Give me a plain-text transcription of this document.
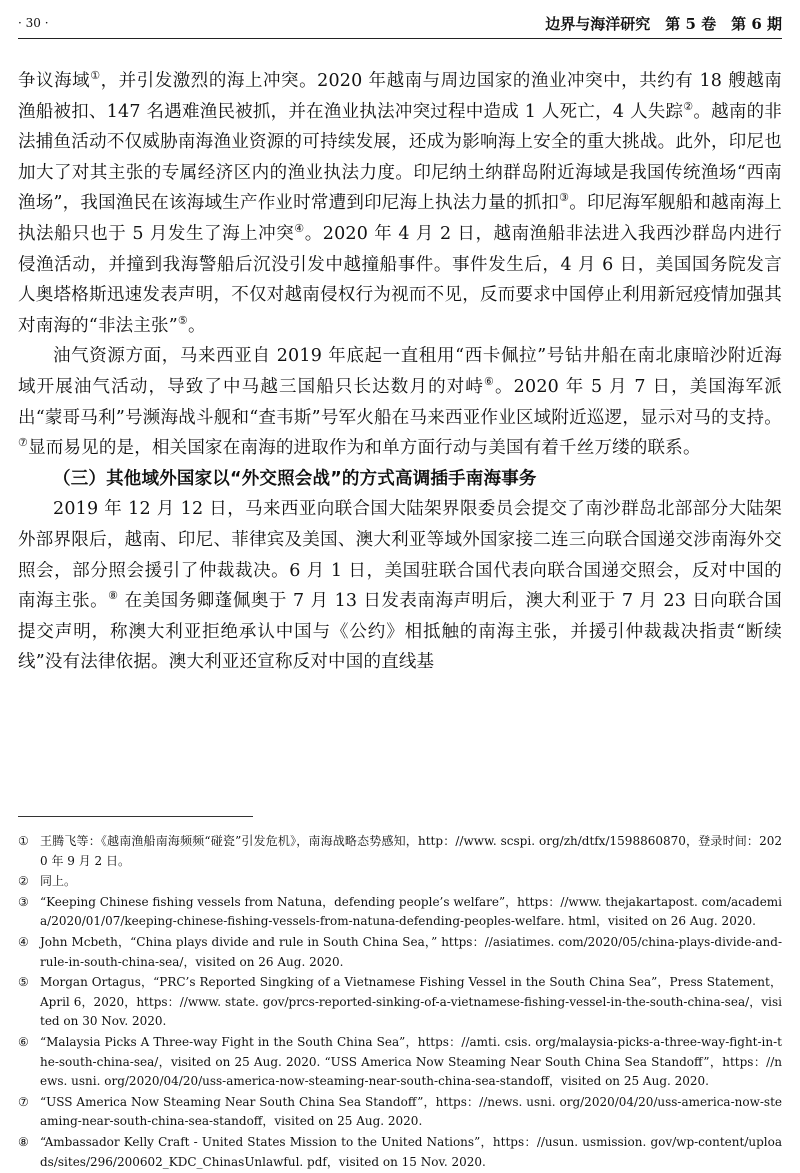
· 30 ·	边界与海洋研究　第 5 卷　第 6 期

争议海域①，并引发激烈的海上冲突。2020 年越南与周边国家的渔业冲突中，共约有 18 艘越南渔船被扣、147 名遇难渔民被抓，并在渔业执法冲突过程中造成 1 人死亡，4 人失踪②。越南的非法捕鱼活动不仅威胁南海渔业资源的可持续发展，还成为影响海上安全的重大挑战。此外，印尼也加大了对其主张的专属经济区内的渔业执法力度。印尼纳土纳群岛附近海域是我国传统渔场“西南渔场”，我国渔民在该海域生产作业时常遭到印尼海上执法力量的抓扣③。印尼海军舰船和越南海上执法船只也于 5 月发生了海上冲突④。2020 年 4 月 2 日，越南渔船非法进入我西沙群岛内进行侵渔活动，并撞到我海警船后沉没引发中越撞船事件。事件发生后，4 月 6 日，美国国务院发言人奥塔格斯迅速发表声明，不仅对越南侵权行为视而不见，反而要求中国停止利用新冠疫情加强其对南海的“非法主张”⑤。

油气资源方面，马来西亚自 2019 年底起一直租用“西卡佩拉”号钻井船在南北康暗沙附近海域开展油气活动，导致了中马越三国船只长达数月的对峙⑥。2020 年 5 月 7 日，美国海军派出“蒙哥马利”号濒海战斗舰和“查韦斯”号军火船在马来西亚作业区域附近巡逻，显示对马的支持。⑦显而易见的是，相关国家在南海的进取作为和单方面行动与美国有着千丝万缕的联系。

（三）其他域外国家以“外交照会战”的方式高调插手南海事务

2019 年 12 月 12 日，马来西亚向联合国大陆架界限委员会提交了南沙群岛北部部分大陆架外部界限后，越南、印尼、菲律宾及美国、澳大利亚等域外国家接二连三向联合国递交涉南海外交照会，部分照会援引了仲裁裁决。6 月 1 日，美国驻联合国代表向联合国递交照会，反对中国的南海主张。⑧ 在美国务卿蓬佩奥于 7 月 13 日发表南海声明后，澳大利亚于 7 月 23 日向联合国提交声明，称澳大利亚拒绝承认中国与《公约》相抵触的南海主张，并援引仲裁裁决指责“断续线”没有法律依据。澳大利亚还宣称反对中国的直线基

① 王腾飞等：《越南渔船南海频频“碰瓷”引发危机》，南海战略态势感知，http：//www. scspi. org/zh/dtfx/1598860870，登录时间：2020 年 9 月 2 日。
② 同上。
③ “Keeping Chinese fishing vessels from Natuna，defending people’s welfare”，https：//www. thejakartapost. com/academia/2020/01/07/keeping-chinese-fishing-vessels-from-natuna-defending-peoples-welfare. html，visited on 26 Aug. 2020.
④ John Mcbeth，“China plays divide and rule in South China Sea，” https：//asiatimes. com/2020/05/china-plays-divide-and-rule-in-south-china-sea/，visited on 26 Aug. 2020.
⑤ Morgan Ortagus，“PRC’s Reported Singking of a Vietnamese Fishing Vessel in the South China Sea”，Press Statement，April 6，2020，https：//www. state. gov/prcs-reported-sinking-of-a-vietnamese-fishing-vessel-in-the-south-china-sea/，visited on 30 Nov. 2020.
⑥ “Malaysia Picks A Three-way Fight in the South China Sea”，https：//amti. csis. org/malaysia-picks-a-three-way-fight-in-the-south-china-sea/，visited on 25 Aug. 2020. “USS America Now Steaming Near South China Sea Standoff”，https：//news. usni. org/2020/04/20/uss-america-now-steaming-near-south-china-sea-standoff，visited on 25 Aug. 2020.
⑦ “USS America Now Steaming Near South China Sea Standoff”，https：//news. usni. org/2020/04/20/uss-america-now-steaming-near-south-china-sea-standoff，visited on 25 Aug. 2020.
⑧ “Ambassador Kelly Craft - United States Mission to the United Nations”，https：//usun. usmission. gov/wp-content/uploads/sites/296/200602_KDC_ChinasUnlawful. pdf，visited on 15 Nov. 2020.
